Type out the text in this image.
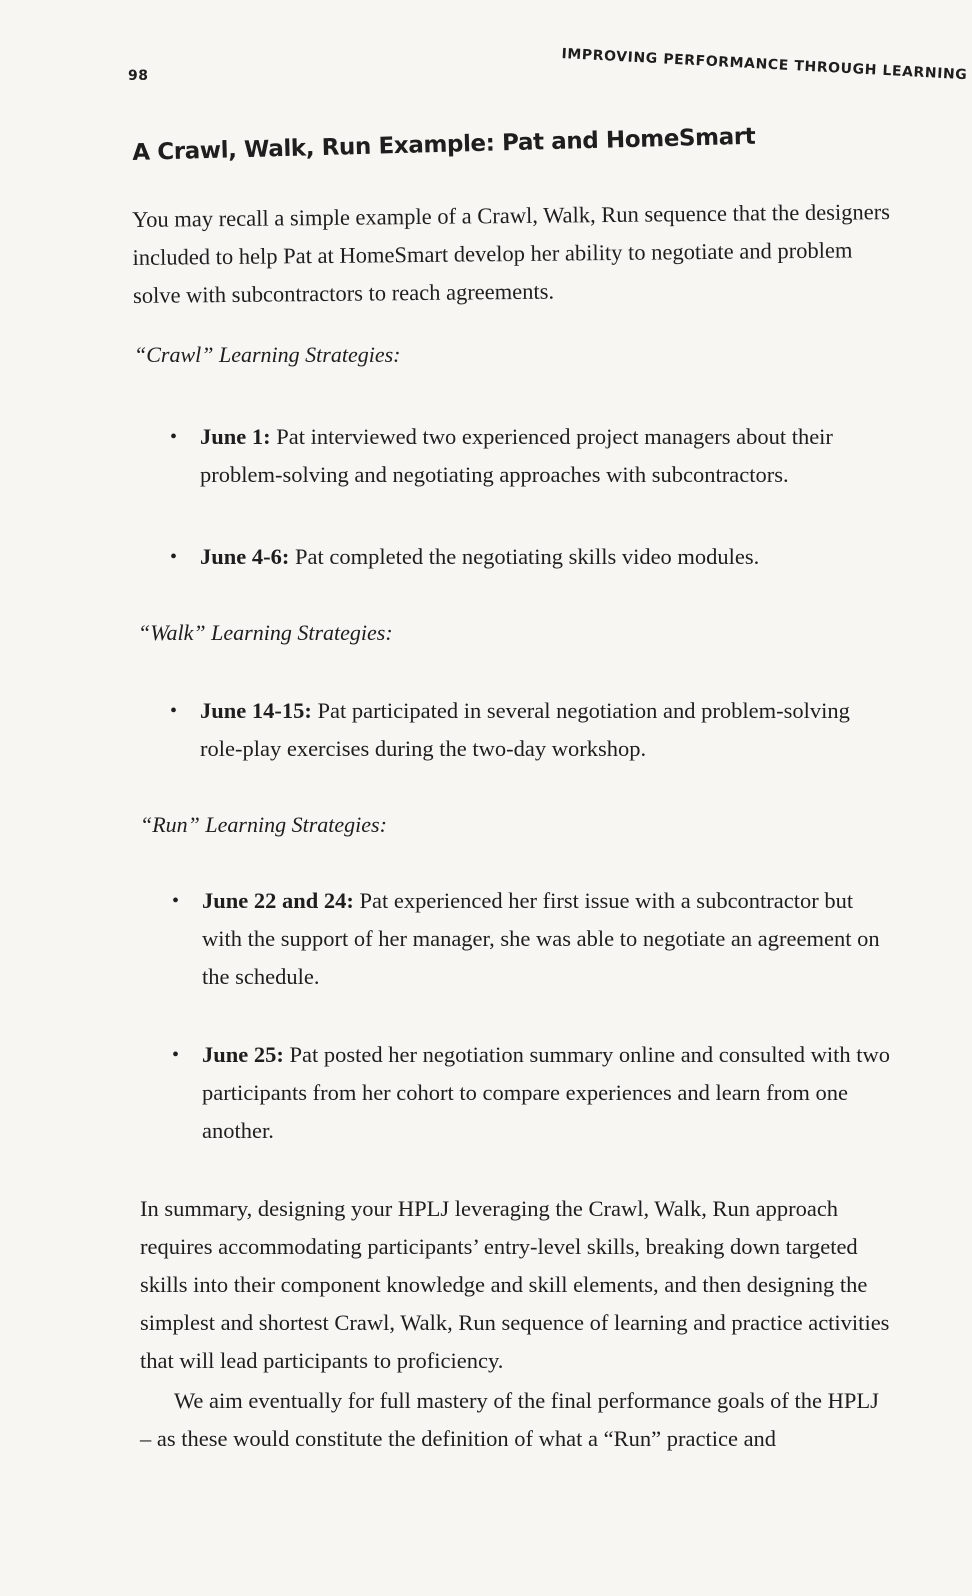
98	IMPROVING PERFORMANCE THROUGH LEARNING
A Crawl, Walk, Run Example: Pat and HomeSmart

You may recall a simple example of a Crawl, Walk, Run sequence that the designers included to help Pat at HomeSmart develop her ability to negotiate and problem solve with subcontractors to reach agreements.

“Crawl” Learning Strategies:
• June 1: Pat interviewed two experienced project managers about their problem-solving and negotiating approaches with subcontractors.
• June 4-6: Pat completed the negotiating skills video modules.
“Walk” Learning Strategies:
• June 14-15: Pat participated in several negotiation and problem-solving role-play exercises during the two-day workshop.
“Run” Learning Strategies:
• June 22 and 24: Pat experienced her first issue with a subcontractor but with the support of her manager, she was able to negotiate an agreement on the schedule.
• June 25: Pat posted her negotiation summary online and consulted with two participants from her cohort to compare experiences and learn from one another.

In summary, designing your HPLJ leveraging the Crawl, Walk, Run approach requires accommodating participants’ entry-level skills, breaking down targeted skills into their component knowledge and skill elements, and then designing the simplest and shortest Crawl, Walk, Run sequence of learning and practice activities that will lead participants to proficiency.

We aim eventually for full mastery of the final performance goals of the HPLJ – as these would constitute the definition of what a “Run” practice and
